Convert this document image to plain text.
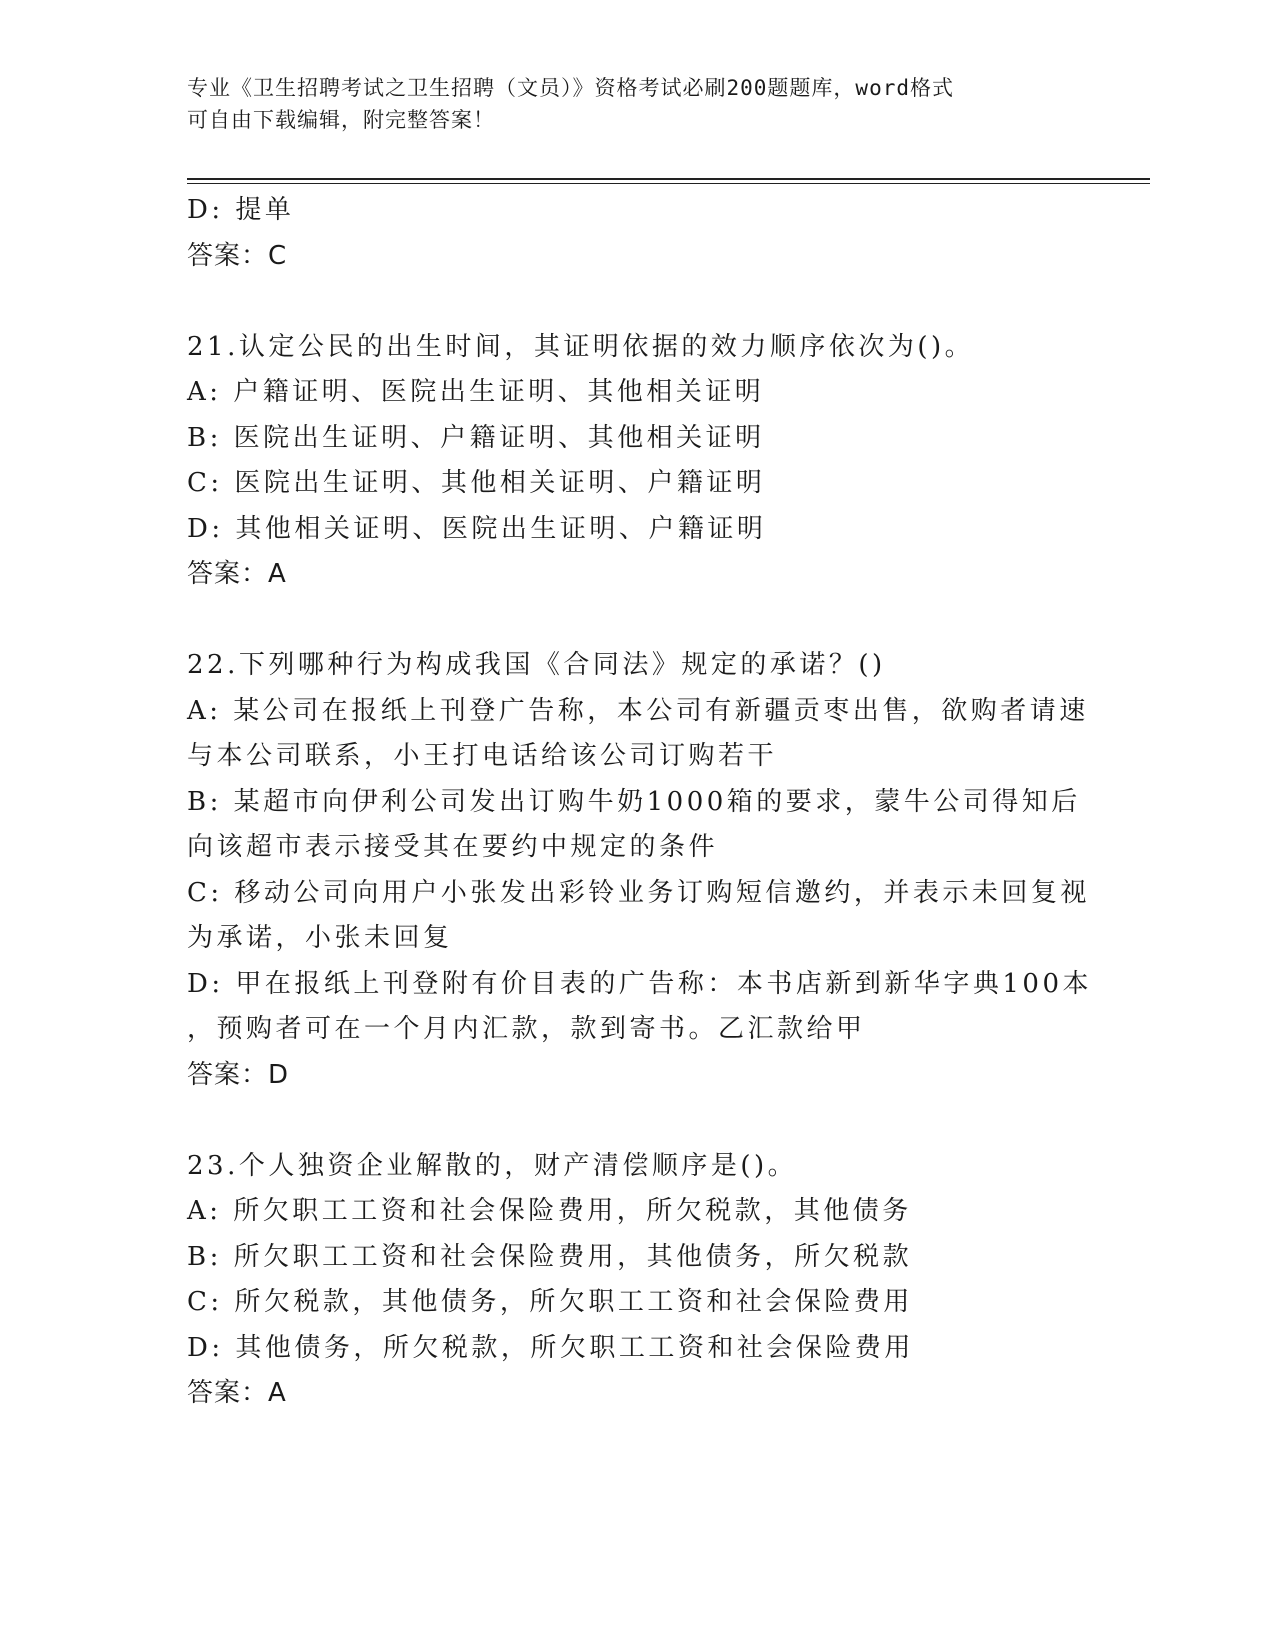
专业《卫生招聘考试之卫生招聘（文员）》资格考试必刷200题题库，word格式
可自由下载编辑，附完整答案！
D: 提单
答案：C
21.认定公民的出生时间，其证明依据的效力顺序依次为()。
A: 户籍证明、医院出生证明、其他相关证明
B: 医院出生证明、户籍证明、其他相关证明
C: 医院出生证明、其他相关证明、户籍证明
D: 其他相关证明、医院出生证明、户籍证明
答案：A
22.下列哪种行为构成我国《合同法》规定的承诺？()
A: 某公司在报纸上刊登广告称，本公司有新疆贡枣出售，欲购者请速
与本公司联系，小王打电话给该公司订购若干
B: 某超市向伊利公司发出订购牛奶1000箱的要求，蒙牛公司得知后
向该超市表示接受其在要约中规定的条件
C: 移动公司向用户小张发出彩铃业务订购短信邀约，并表示未回复视
为承诺，小张未回复
D: 甲在报纸上刊登附有价目表的广告称：本书店新到新华字典100本
，预购者可在一个月内汇款，款到寄书。乙汇款给甲
答案：D
23.个人独资企业解散的，财产清偿顺序是()。
A: 所欠职工工资和社会保险费用，所欠税款，其他债务
B: 所欠职工工资和社会保险费用，其他债务，所欠税款
C: 所欠税款，其他债务，所欠职工工资和社会保险费用
D: 其他债务，所欠税款，所欠职工工资和社会保险费用
答案：A
